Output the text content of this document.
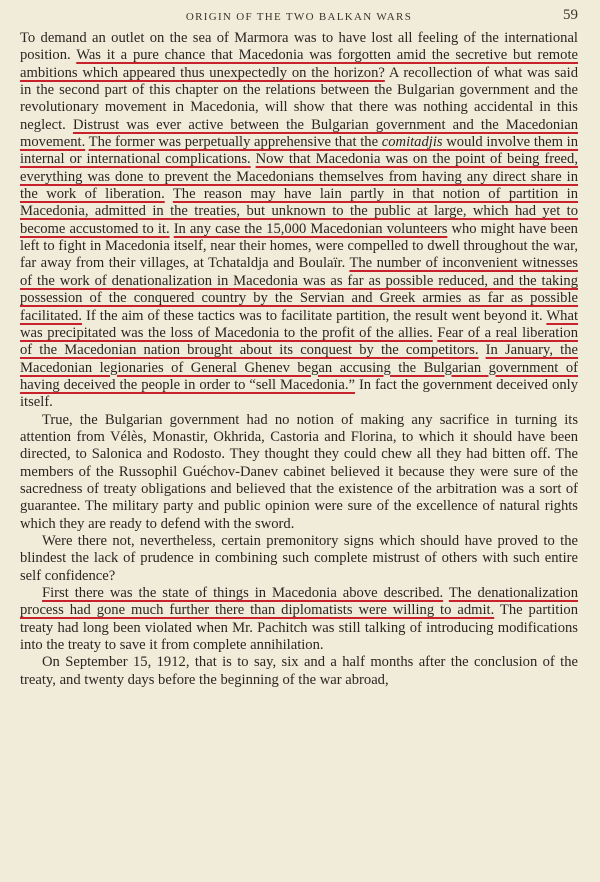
ORIGIN OF THE TWO BALKAN WARS	59

To demand an outlet on the sea of Marmora was to have lost all feeling of the international position. Was it a pure chance that Macedonia was forgotten amid the secretive but remote ambitions which appeared thus unexpectedly on the horizon? A recollection of what was said in the second part of this chapter on the relations between the Bulgarian government and the revolutionary movement in Macedonia, will show that there was nothing accidental in this neglect. Distrust was ever active between the Bulgarian government and the Macedonian movement. The former was perpetually apprehensive that the comitadjis would involve them in internal or international complications. Now that Macedonia was on the point of being freed, everything was done to prevent the Macedonians themselves from having any direct share in the work of liberation. The reason may have lain partly in that notion of partition in Macedonia, admitted in the treaties, but unknown to the public at large, which had yet to become accustomed to it. In any case the 15,000 Macedonian volunteers who might have been left to fight in Macedonia itself, near their homes, were compelled to dwell throughout the war, far away from their villages, at Tchataldja and Boulaïr. The number of inconvenient witnesses of the work of denationalization in Macedonia was as far as possible reduced, and the taking possession of the conquered country by the Servian and Greek armies as far as possible facilitated. If the aim of these tactics was to facilitate partition, the result went beyond it. What was precipitated was the loss of Macedonia to the profit of the allies. Fear of a real liberation of the Macedonian nation brought about its conquest by the competitors. In January, the Macedonian legionaries of General Ghenev began accusing the Bulgarian government of having deceived the people in order to “sell Macedonia.” In fact the government deceived only itself.

True, the Bulgarian government had no notion of making any sacrifice in turning its attention from Vélès, Monastir, Okhrida, Castoria and Florina, to which it should have been directed, to Salonica and Rodosto. They thought they could chew all they had bitten off. The members of the Russophil Guéchov-Danev cabinet believed it because they were sure of the sacredness of treaty obligations and believed that the existence of the arbitration was a sort of guarantee. The military party and public opinion were sure of the excellence of natural rights which they are ready to defend with the sword.

Were there not, nevertheless, certain premonitory signs which should have proved to the blindest the lack of prudence in combining such complete mistrust of others with such entire self confidence?

First there was the state of things in Macedonia above described. The denationalization process had gone much further there than diplomatists were willing to admit. The partition treaty had long been violated when Mr. Pachitch was still talking of introducing modifications into the treaty to save it from complete annihilation.

On September 15, 1912, that is to say, six and a half months after the conclusion of the treaty, and twenty days before the beginning of the war abroad,
